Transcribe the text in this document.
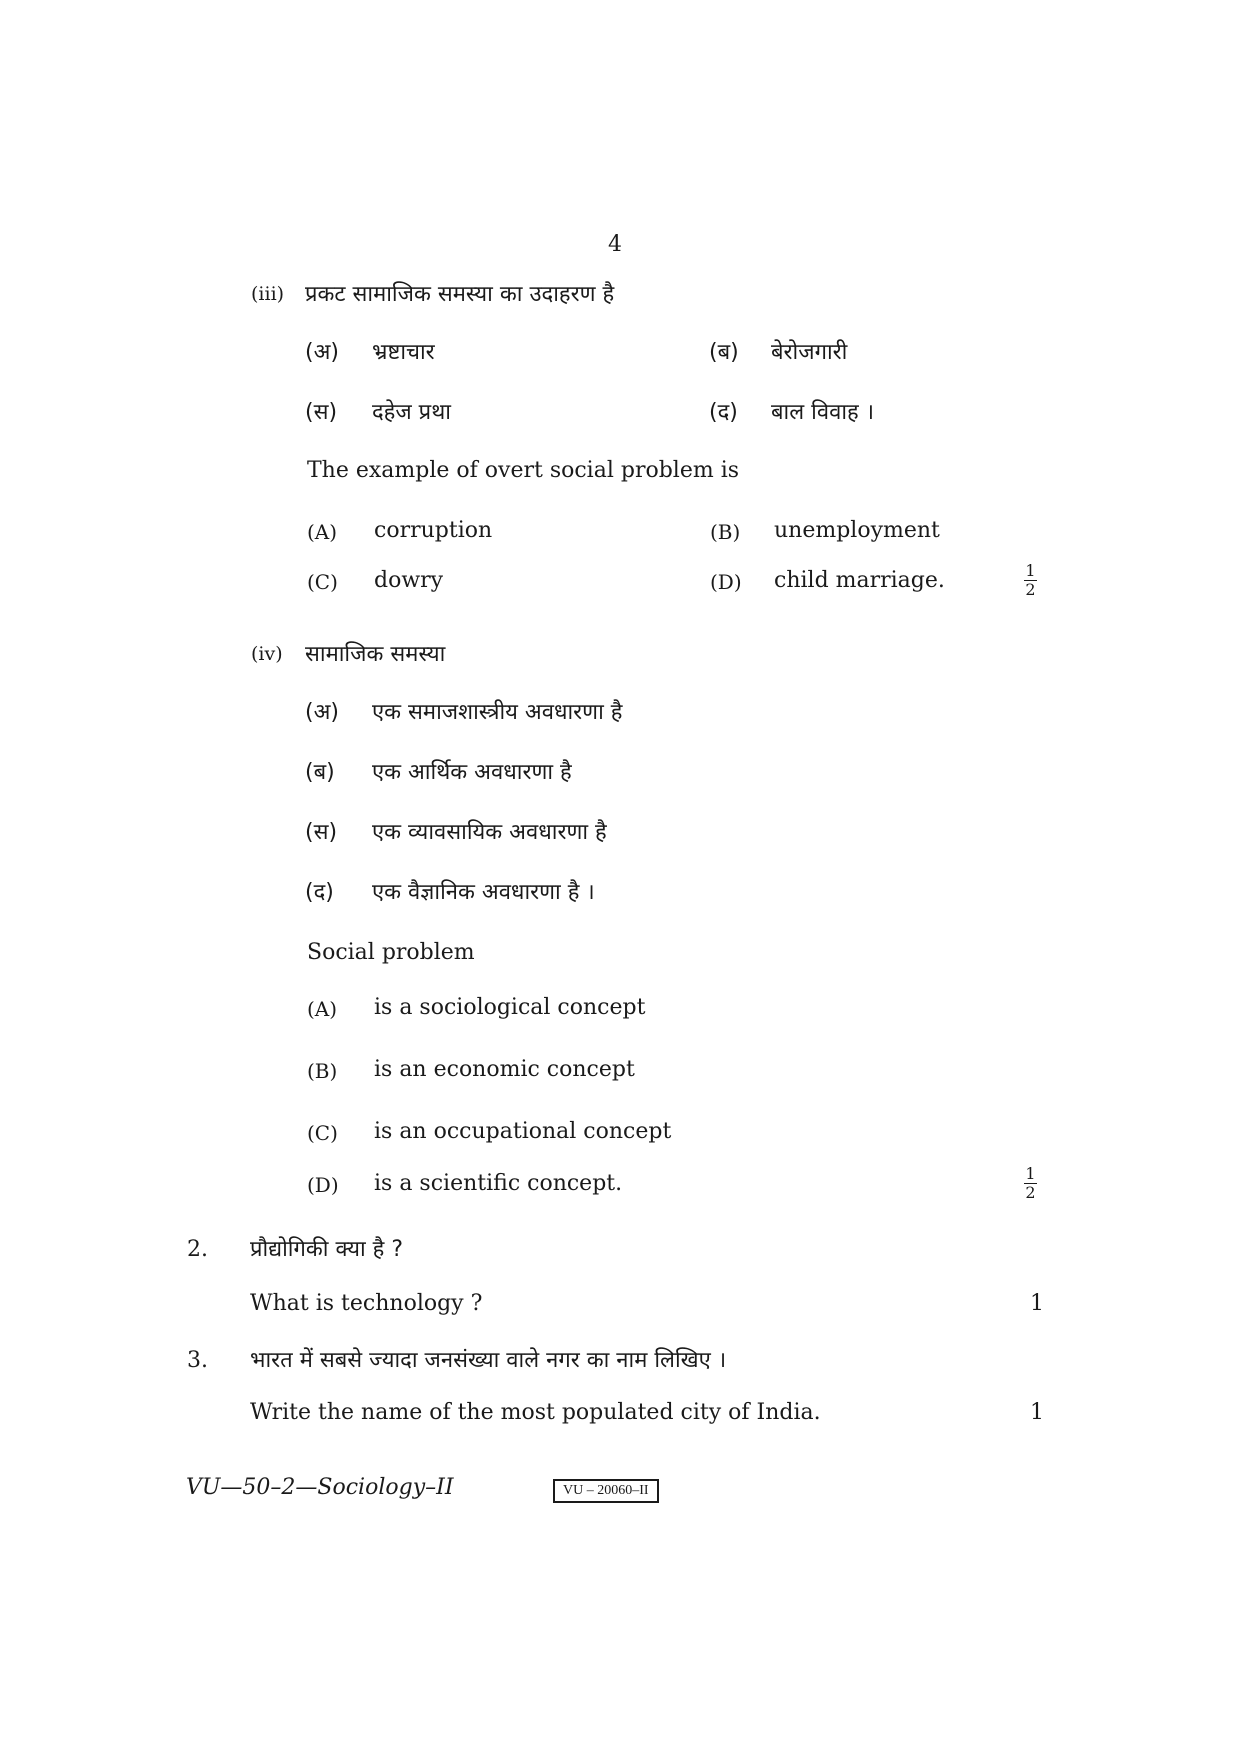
4
(iii) प्रकट सामाजिक समस्या का उदाहरण है
(अ) भ्रष्टाचार	(ब) बेरोजगारी
(स) दहेज प्रथा	(द) बाल विवाह ।
The example of overt social problem is
(A) corruption	(B) unemployment
(C) dowry	(D) child marriage.	1
2
(iv) सामाजिक समस्या
(अ) एक समाजशास्त्रीय अवधारणा है
(ब) एक आर्थिक अवधारणा है
(स) एक व्यावसायिक अवधारणा है
(द) एक वैज्ञानिक अवधारणा है ।
Social problem
(A) is a sociological concept
(B) is an economic concept
(C) is an occupational concept
(D) is a scientific concept.	1
2
2. प्रौद्योगिकी क्या है ?
What is technology ?	1
3. भारत में सबसे ज्यादा जनसंख्या वाले नगर का नाम लिखिए ।
Write the name of the most populated city of India.	1
VU—50–2—Sociology–II	VU – 20060–II
